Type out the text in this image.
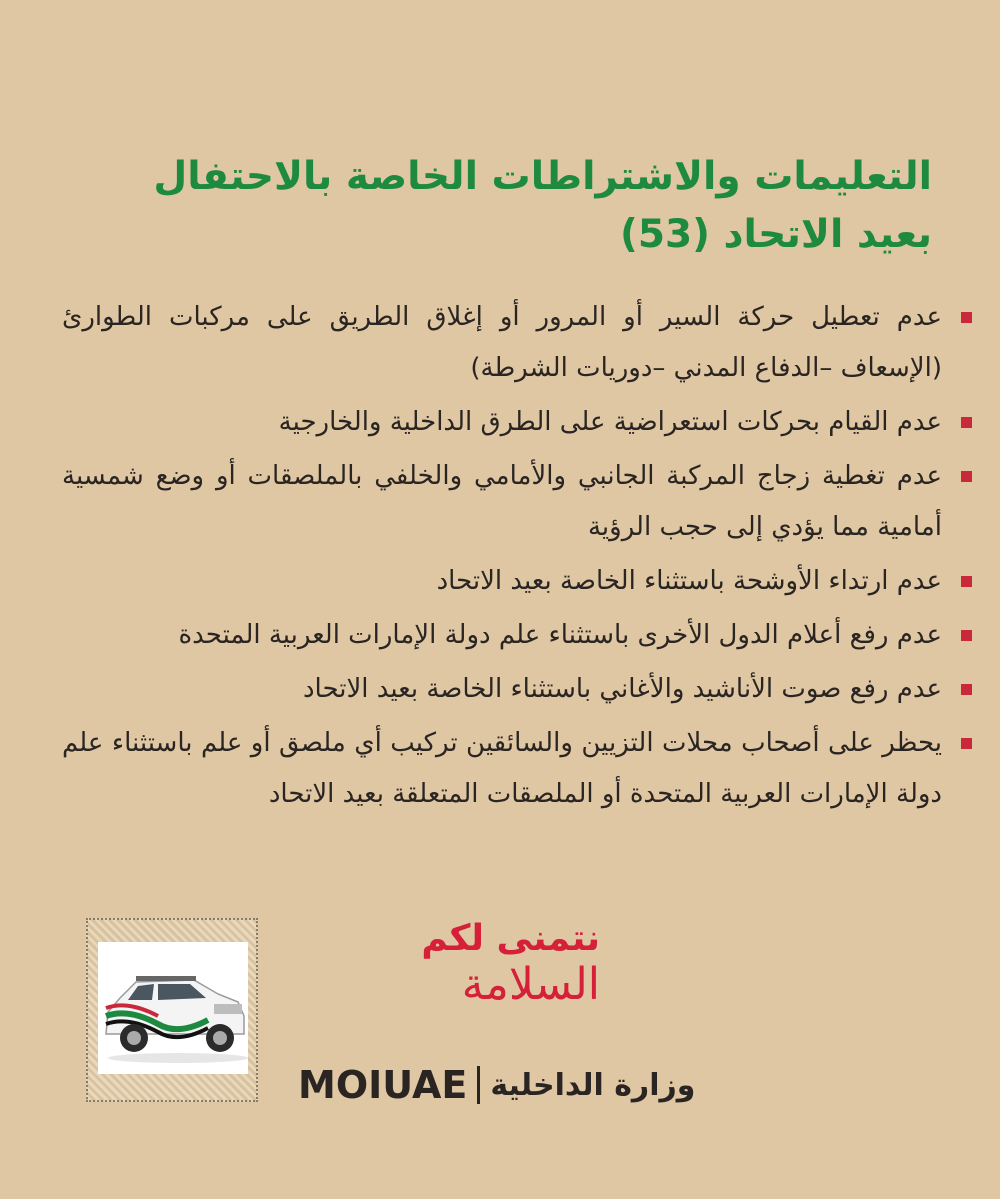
التعليمات والاشتراطات الخاصة بالاحتفال
بعيد الاتحاد (53)
عدم تعطيل حركة السير أو المرور أو إغلاق الطريق على مركبات الطوارئ (الإسعاف –الدفاع المدني –دوريات الشرطة)
عدم القيام بحركات استعراضية على الطرق الداخلية والخارجية
عدم تغطية زجاج المركبة الجانبي والأمامي والخلفي بالملصقات أو وضع شمسية أمامية مما يؤدي إلى حجب الرؤية
عدم ارتداء الأوشحة باستثناء الخاصة بعيد الاتحاد
عدم رفع أعلام الدول الأخرى باستثناء علم دولة الإمارات العربية المتحدة
عدم رفع صوت الأناشيد والأغاني باستثناء الخاصة بعيد الاتحاد
يحظر على أصحاب محلات التزيين والسائقين تركيب أي ملصق أو علم باستثناء علم دولة الإمارات العربية المتحدة أو الملصقات المتعلقة بعيد الاتحاد
نتمنى لكم
السلامة
MOIUAE وزارة الداخلية
